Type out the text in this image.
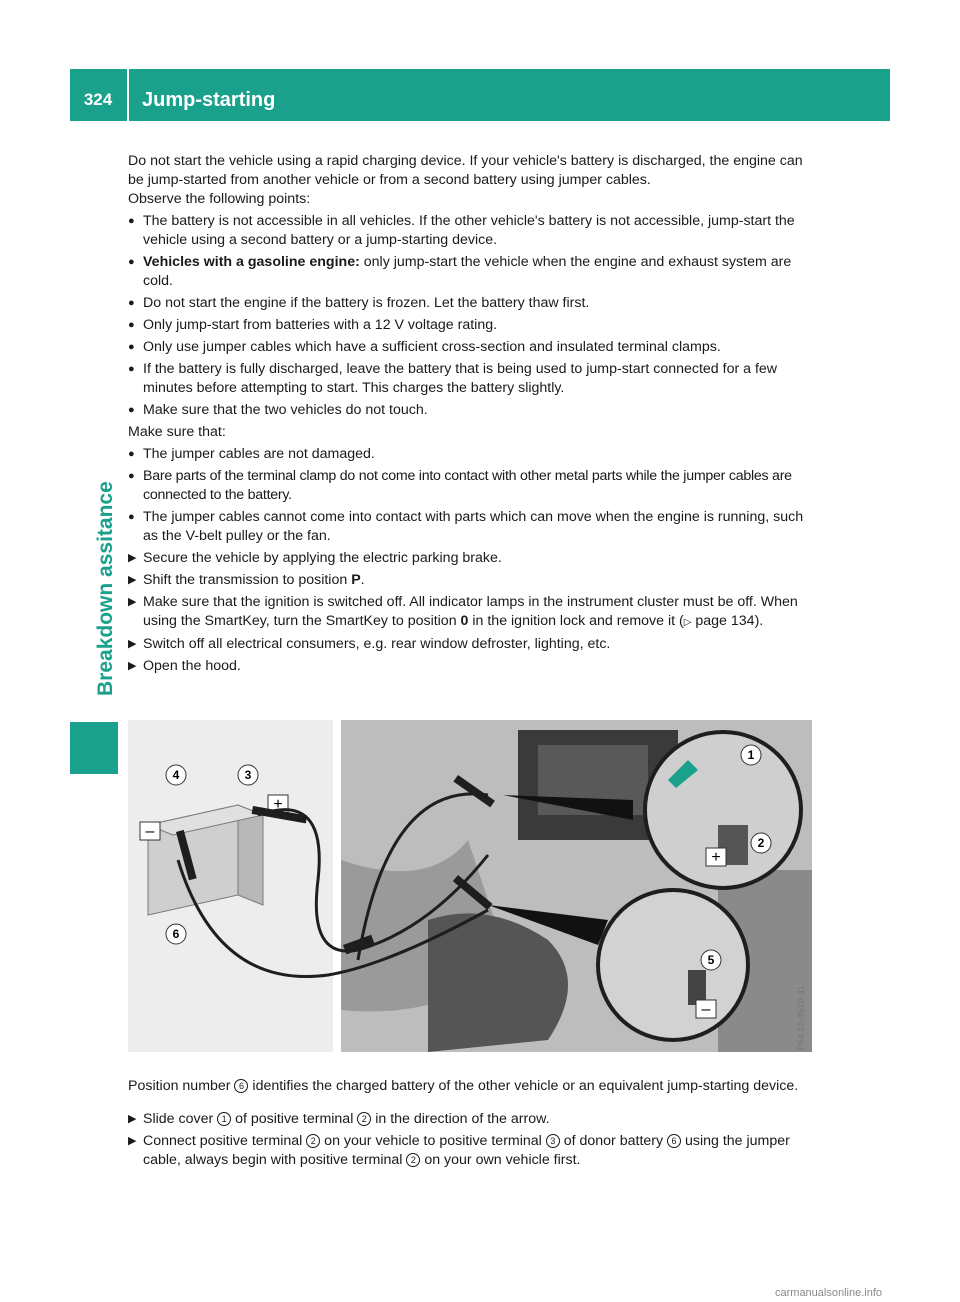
324	Jump-starting
Breakdown assitance

Do not start the vehicle using a rapid charging device. If your vehicle's battery is discharged, the engine can be jump-started from another vehicle or from a second battery using jumper cables.

Observe the following points:

● The battery is not accessible in all vehicles. If the other vehicle's battery is not accessible, jump-start the vehicle using a second battery or a jump-starting device.
● Vehicles with a gasoline engine: only jump-start the vehicle when the engine and exhaust system are cold.
● Do not start the engine if the battery is frozen. Let the battery thaw first.
● Only jump-start from batteries with a 12 V voltage rating.
● Only use jumper cables which have a sufficient cross-section and insulated terminal clamps.
● If the battery is fully discharged, leave the battery that is being used to jump-start connected for a few minutes before attempting to start. This charges the battery slightly.
● Make sure that the two vehicles do not touch.

Make sure that:

● The jumper cables are not damaged.
● Bare parts of the terminal clamp do not come into contact with other metal parts while the jumper cables are connected to the battery.
● The jumper cables cannot come into contact with parts which can move when the engine is running, such as the V-belt pulley or the fan.
▶ Secure the vehicle by applying the electric parking brake.
▶ Shift the transmission to position P.
▶ Make sure that the ignition is switched off. All indicator lamps in the instrument cluster must be off. When using the SmartKey, turn the SmartKey to position 0 in the ignition lock and remove it (▷ page 134).
▶ Switch off all electrical consumers, e.g. rear window defroster, lighting, etc.
▶ Open the hood.
+
–
+
–
4	3
6
1
2
5
P54.10-4519-31

Position number 6 identifies the charged battery of the other vehicle or an equivalent jump-starting device.

▶ Slide cover 1 of positive terminal 2 in the direction of the arrow.
▶ Connect positive terminal 2 on your vehicle to positive terminal 3 of donor battery 6 using the jumper cable, always begin with positive terminal 2 on your own vehicle first.
carmanualsonline.info
